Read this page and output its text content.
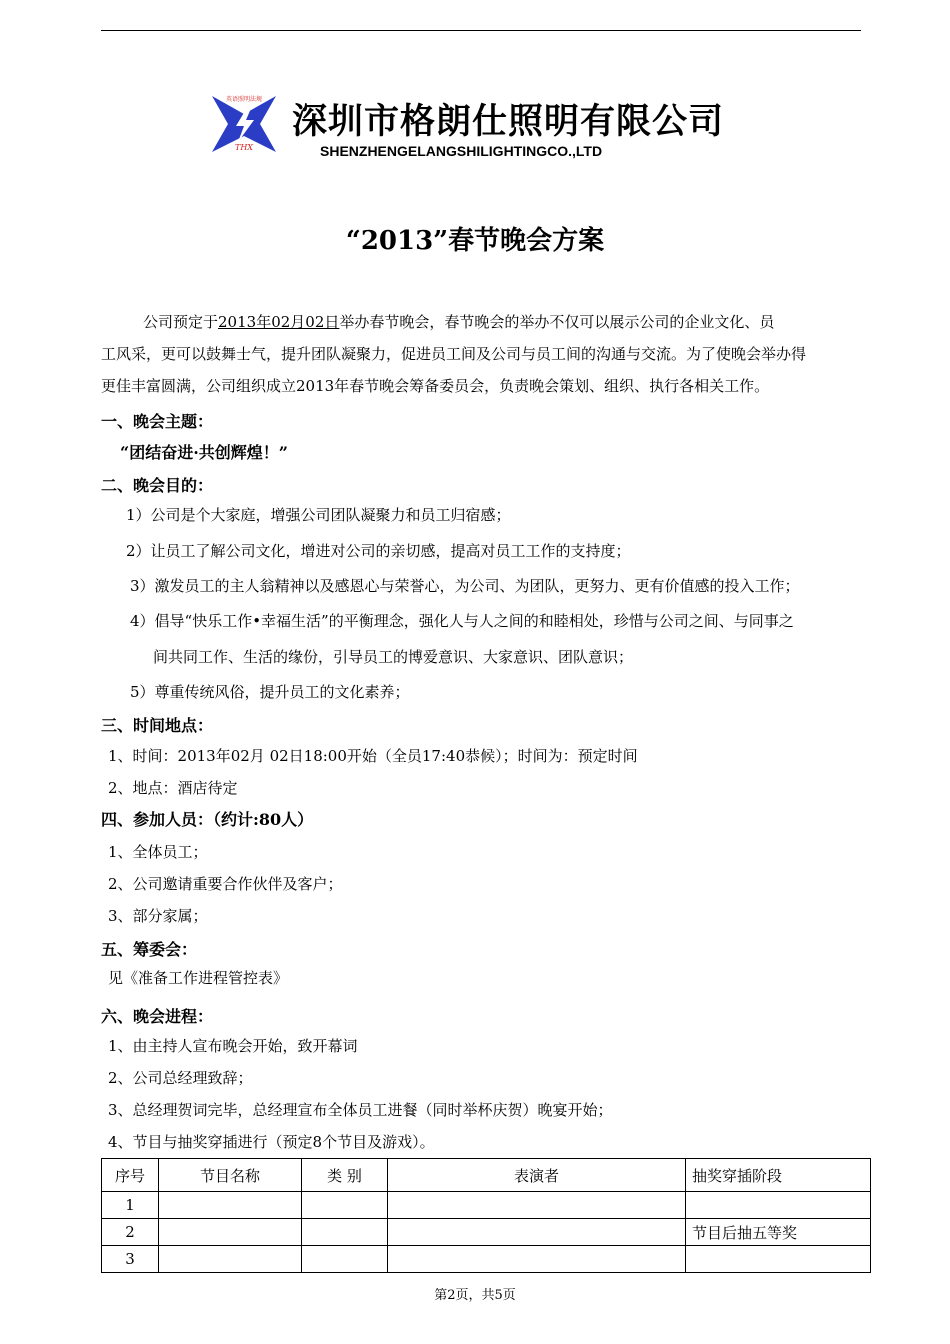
英语照明法规
THX
深圳市格朗仕照明有限公司
SHENZHENGELANGSHILIGHTINGCO.,LTD
“2013”春节晚会方案
公司预定于2013年02月02日举办春节晚会，春节晚会的举办不仅可以展示公司的企业文化、员
工风采，更可以鼓舞士气，提升团队凝聚力，促进员工间及公司与员工间的沟通与交流。为了使晚会举办得
更佳丰富圆满，公司组织成立2013年春节晚会筹备委员会，负责晚会策划、组织、执行各相关工作。
一、晚会主题：
“团结奋进·共创辉煌！”
二、晚会目的：
1）公司是个大家庭，增强公司团队凝聚力和员工归宿感；
2）让员工了解公司文化，增进对公司的亲切感，提高对员工工作的支持度；
3）激发员工的主人翁精神以及感恩心与荣誉心，为公司、为团队，更努力、更有价值感的投入工作；
4）倡导“快乐工作•幸福生活”的平衡理念，强化人与人之间的和睦相处，珍惜与公司之间、与同事之
间共同工作、生活的缘份，引导员工的博爱意识、大家意识、团队意识；
5）尊重传统风俗，提升员工的文化素养；
三、时间地点：
1、时间：2013年02月 02日18:00开始（全员17:40恭候）；时间为：预定时间
2、地点：酒店待定
四、参加人员：（约计:80人）
1、全体员工；
2、公司邀请重要合作伙伴及客户；
3、部分家属；
五、筹委会：
见《准备工作进程管控表》
六、晚会进程：
1、由主持人宣布晚会开始，致开幕词
2、公司总经理致辞；
3、总经理贺词完毕，总经理宣布全体员工进餐（同时举杯庆贺）晚宴开始；
4、节目与抽奖穿插进行（预定8个节目及游戏）。
序号	节目名称	类 别	表演者	抽奖穿插阶段
1				
2				节目后抽五等奖
3				
第2页，共5页
